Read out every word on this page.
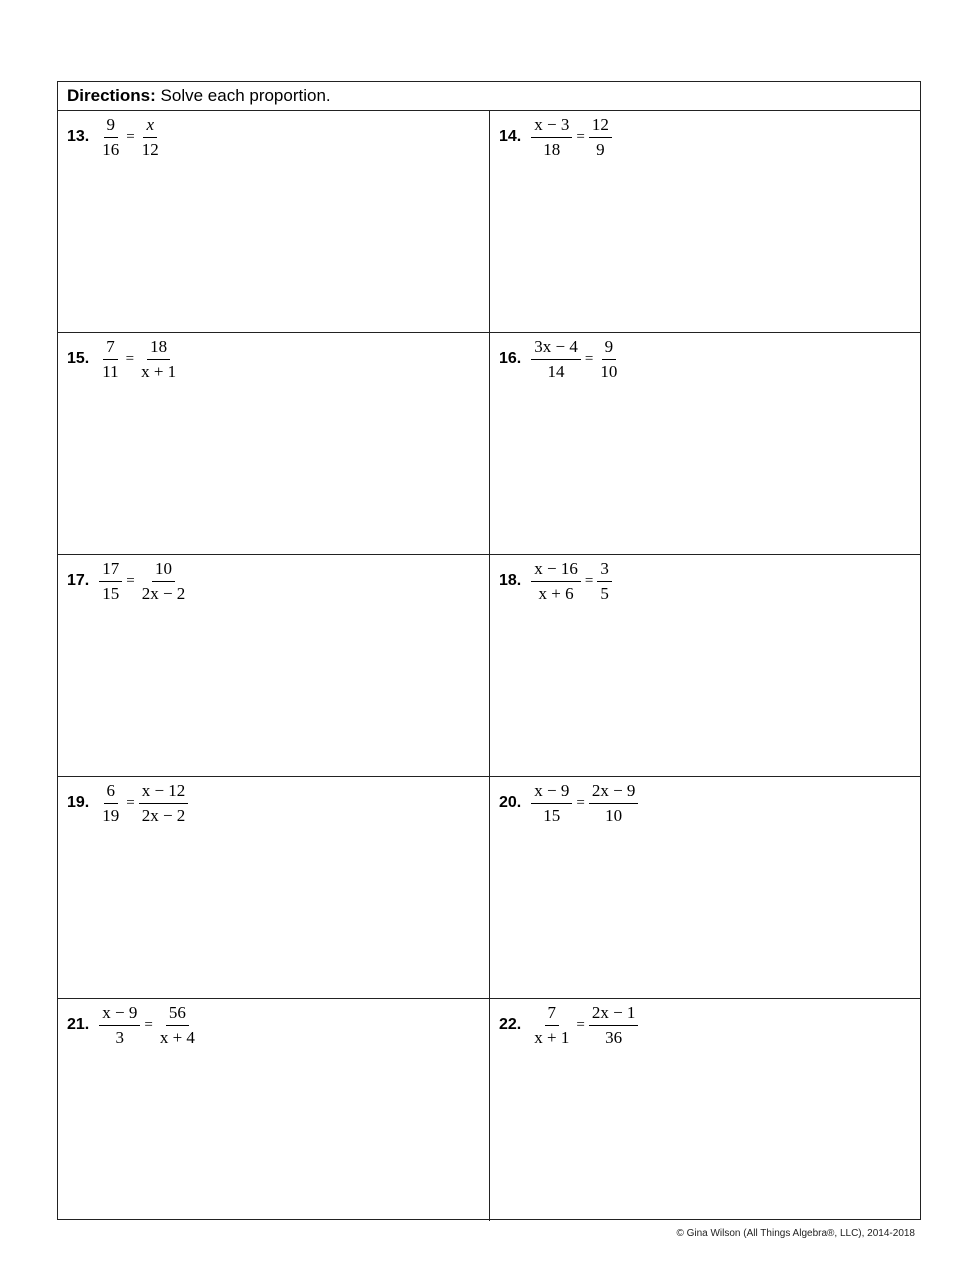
Directions: Solve each proportion.
13. $\frac{9}{16} = \frac{x}{12}$	14. $\frac{x - 3}{18} = \frac{12}{9}$
15. $\frac{7}{11} = \frac{18}{x + 1}$	16. $\frac{3x - 4}{14} = \frac{9}{10}$
17. $\frac{17}{15} = \frac{10}{2x - 2}$	18. $\frac{x - 16}{x + 6} = \frac{3}{5}$
19. $\frac{6}{19} = \frac{x - 12}{2x - 2}$	20. $\frac{x - 9}{15} = \frac{2x - 9}{10}$
21. $\frac{x - 9}{3} = \frac{56}{x + 4}$	22. $\frac{7}{x + 1} = \frac{2x - 1}{36}$
© Gina Wilson (All Things Algebra®, LLC), 2014-2018
